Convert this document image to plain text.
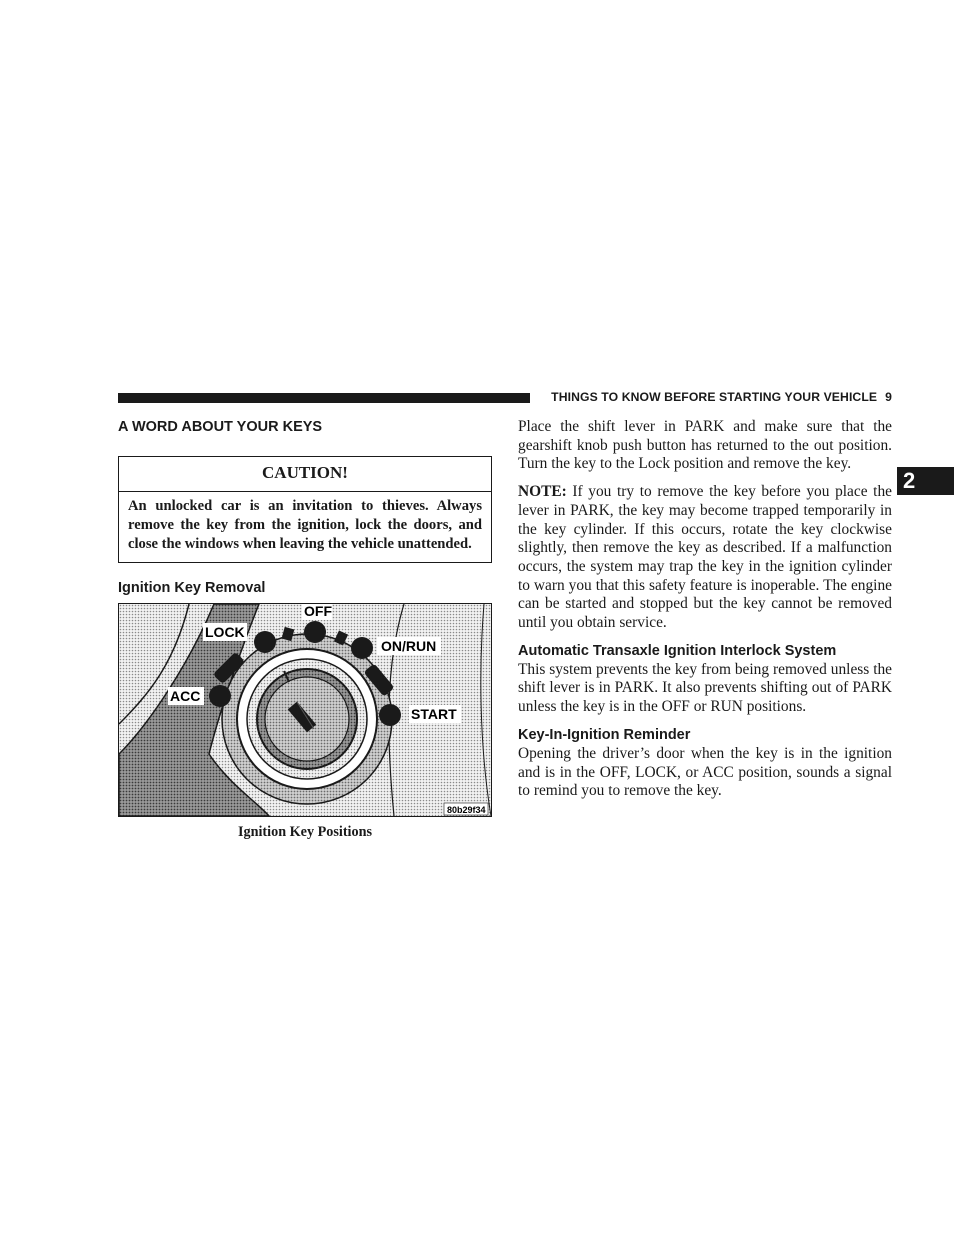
THINGS TO KNOW BEFORE STARTING YOUR VEHICLE 9
2
A WORD ABOUT YOUR KEYS
CAUTION!
An unlocked car is an invitation to thieves. Always remove the key from the ignition, lock the doors, and close the windows when leaving the vehicle unattended.
Ignition Key Removal
OFF
LOCK
ON/RUN
ACC
START
80b29f34
Ignition Key Positions

Place the shift lever in PARK and make sure that the gearshift knob push button has returned to the out position. Turn the key to the Lock position and remove the key.

NOTE: If you try to remove the key before you place the lever in PARK, the key may become trapped temporarily in the key cylinder. If this occurs, rotate the key clockwise slightly, then remove the key as described. If a malfunction occurs, the system may trap the key in the ignition cylinder to warn you that this safety feature is inoperable. The engine can be started and stopped but the key cannot be removed until you obtain service.

Automatic Transaxle Ignition Interlock System

This system prevents the key from being removed unless the shift lever is in PARK. It also prevents shifting out of PARK unless the key is in the OFF or RUN positions.

Key-In-Ignition Reminder

Opening the driver’s door when the key is in the ignition and is in the OFF, LOCK, or ACC position, sounds a signal to remind you to remove the key.
